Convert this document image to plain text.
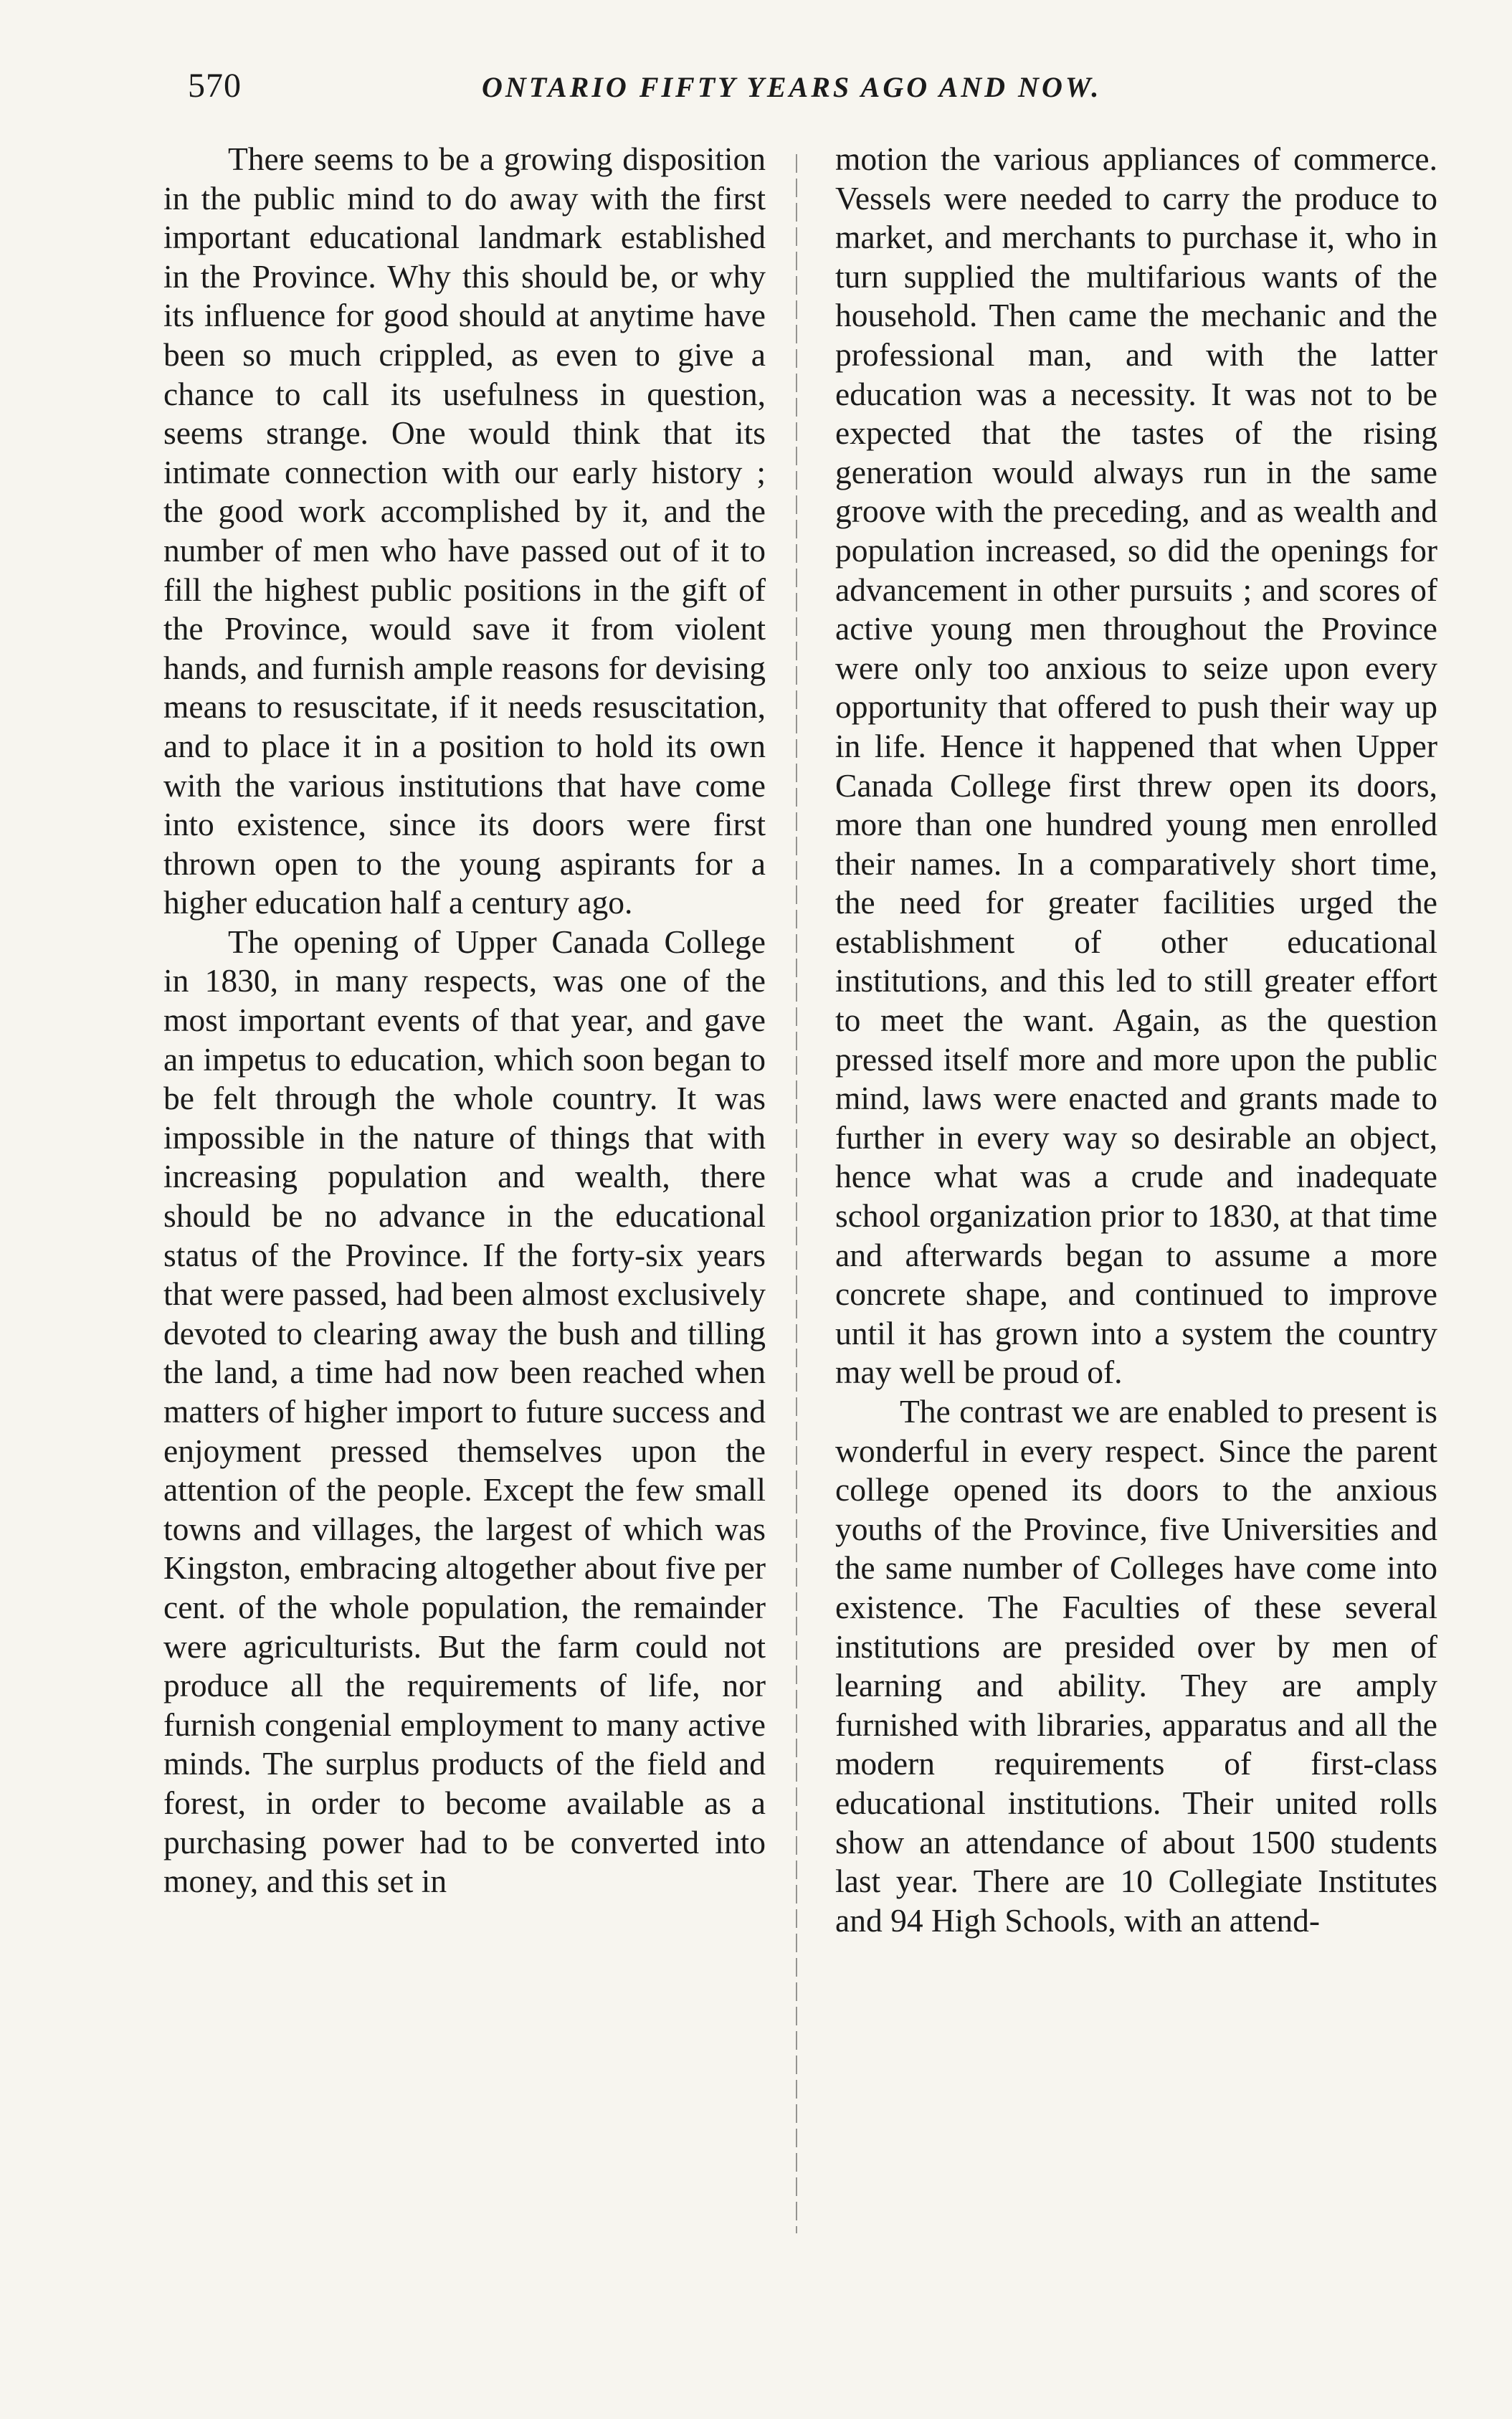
570	ONTARIO FIFTY YEARS AGO AND NOW.

There seems to be a growing disposition in the public mind to do away with the first important educational landmark established in the Province. Why this should be, or why its influence for good should at anytime have been so much crippled, as even to give a chance to call its usefulness in question, seems strange. One would think that its intimate connection with our early history ; the good work accomplished by it, and the number of men who have passed out of it to fill the highest public positions in the gift of the Province, would save it from violent hands, and furnish ample reasons for devising means to resuscitate, if it needs resuscitation, and to place it in a position to hold its own with the various institutions that have come into existence, since its doors were first thrown open to the young aspirants for a higher education half a century ago.

The opening of Upper Canada College in 1830, in many respects, was one of the most important events of that year, and gave an impetus to education, which soon began to be felt through the whole country. It was impossible in the nature of things that with increasing population and wealth, there should be no advance in the educational status of the Province. If the forty-six years that were passed, had been almost exclusively devoted to clearing away the bush and tilling the land, a time had now been reached when matters of higher import to future success and enjoyment pressed themselves upon the attention of the people. Except the few small towns and villages, the largest of which was Kingston, embracing altogether about five per cent. of the whole population, the remainder were agriculturists. But the farm could not produce all the requirements of life, nor furnish congenial employment to many active minds. The surplus products of the field and forest, in order to become available as a purchasing power had to be converted into money, and this set in

motion the various appliances of commerce. Vessels were needed to carry the produce to market, and merchants to purchase it, who in turn supplied the multifarious wants of the household. Then came the mechanic and the professional man, and with the latter education was a necessity. It was not to be expected that the tastes of the rising generation would always run in the same groove with the preceding, and as wealth and population increased, so did the openings for advancement in other pursuits ; and scores of active young men throughout the Province were only too anxious to seize upon every opportunity that offered to push their way up in life. Hence it happened that when Upper Canada College first threw open its doors, more than one hundred young men enrolled their names. In a comparatively short time, the need for greater facilities urged the establishment of other educational institutions, and this led to still greater effort to meet the want. Again, as the question pressed itself more and more upon the public mind, laws were enacted and grants made to further in every way so desirable an object, hence what was a crude and inadequate school organization prior to 1830, at that time and afterwards began to assume a more concrete shape, and continued to improve until it has grown into a system the country may well be proud of.

The contrast we are enabled to present is wonderful in every respect. Since the parent college opened its doors to the anxious youths of the Province, five Universities and the same number of Colleges have come into existence. The Faculties of these several institutions are presided over by men of learning and ability. They are amply furnished with libraries, apparatus and all the modern requirements of first-class educational institutions. Their united rolls show an attendance of about 1500 students last year. There are 10 Collegiate Institutes and 94 High Schools, with an attend-
